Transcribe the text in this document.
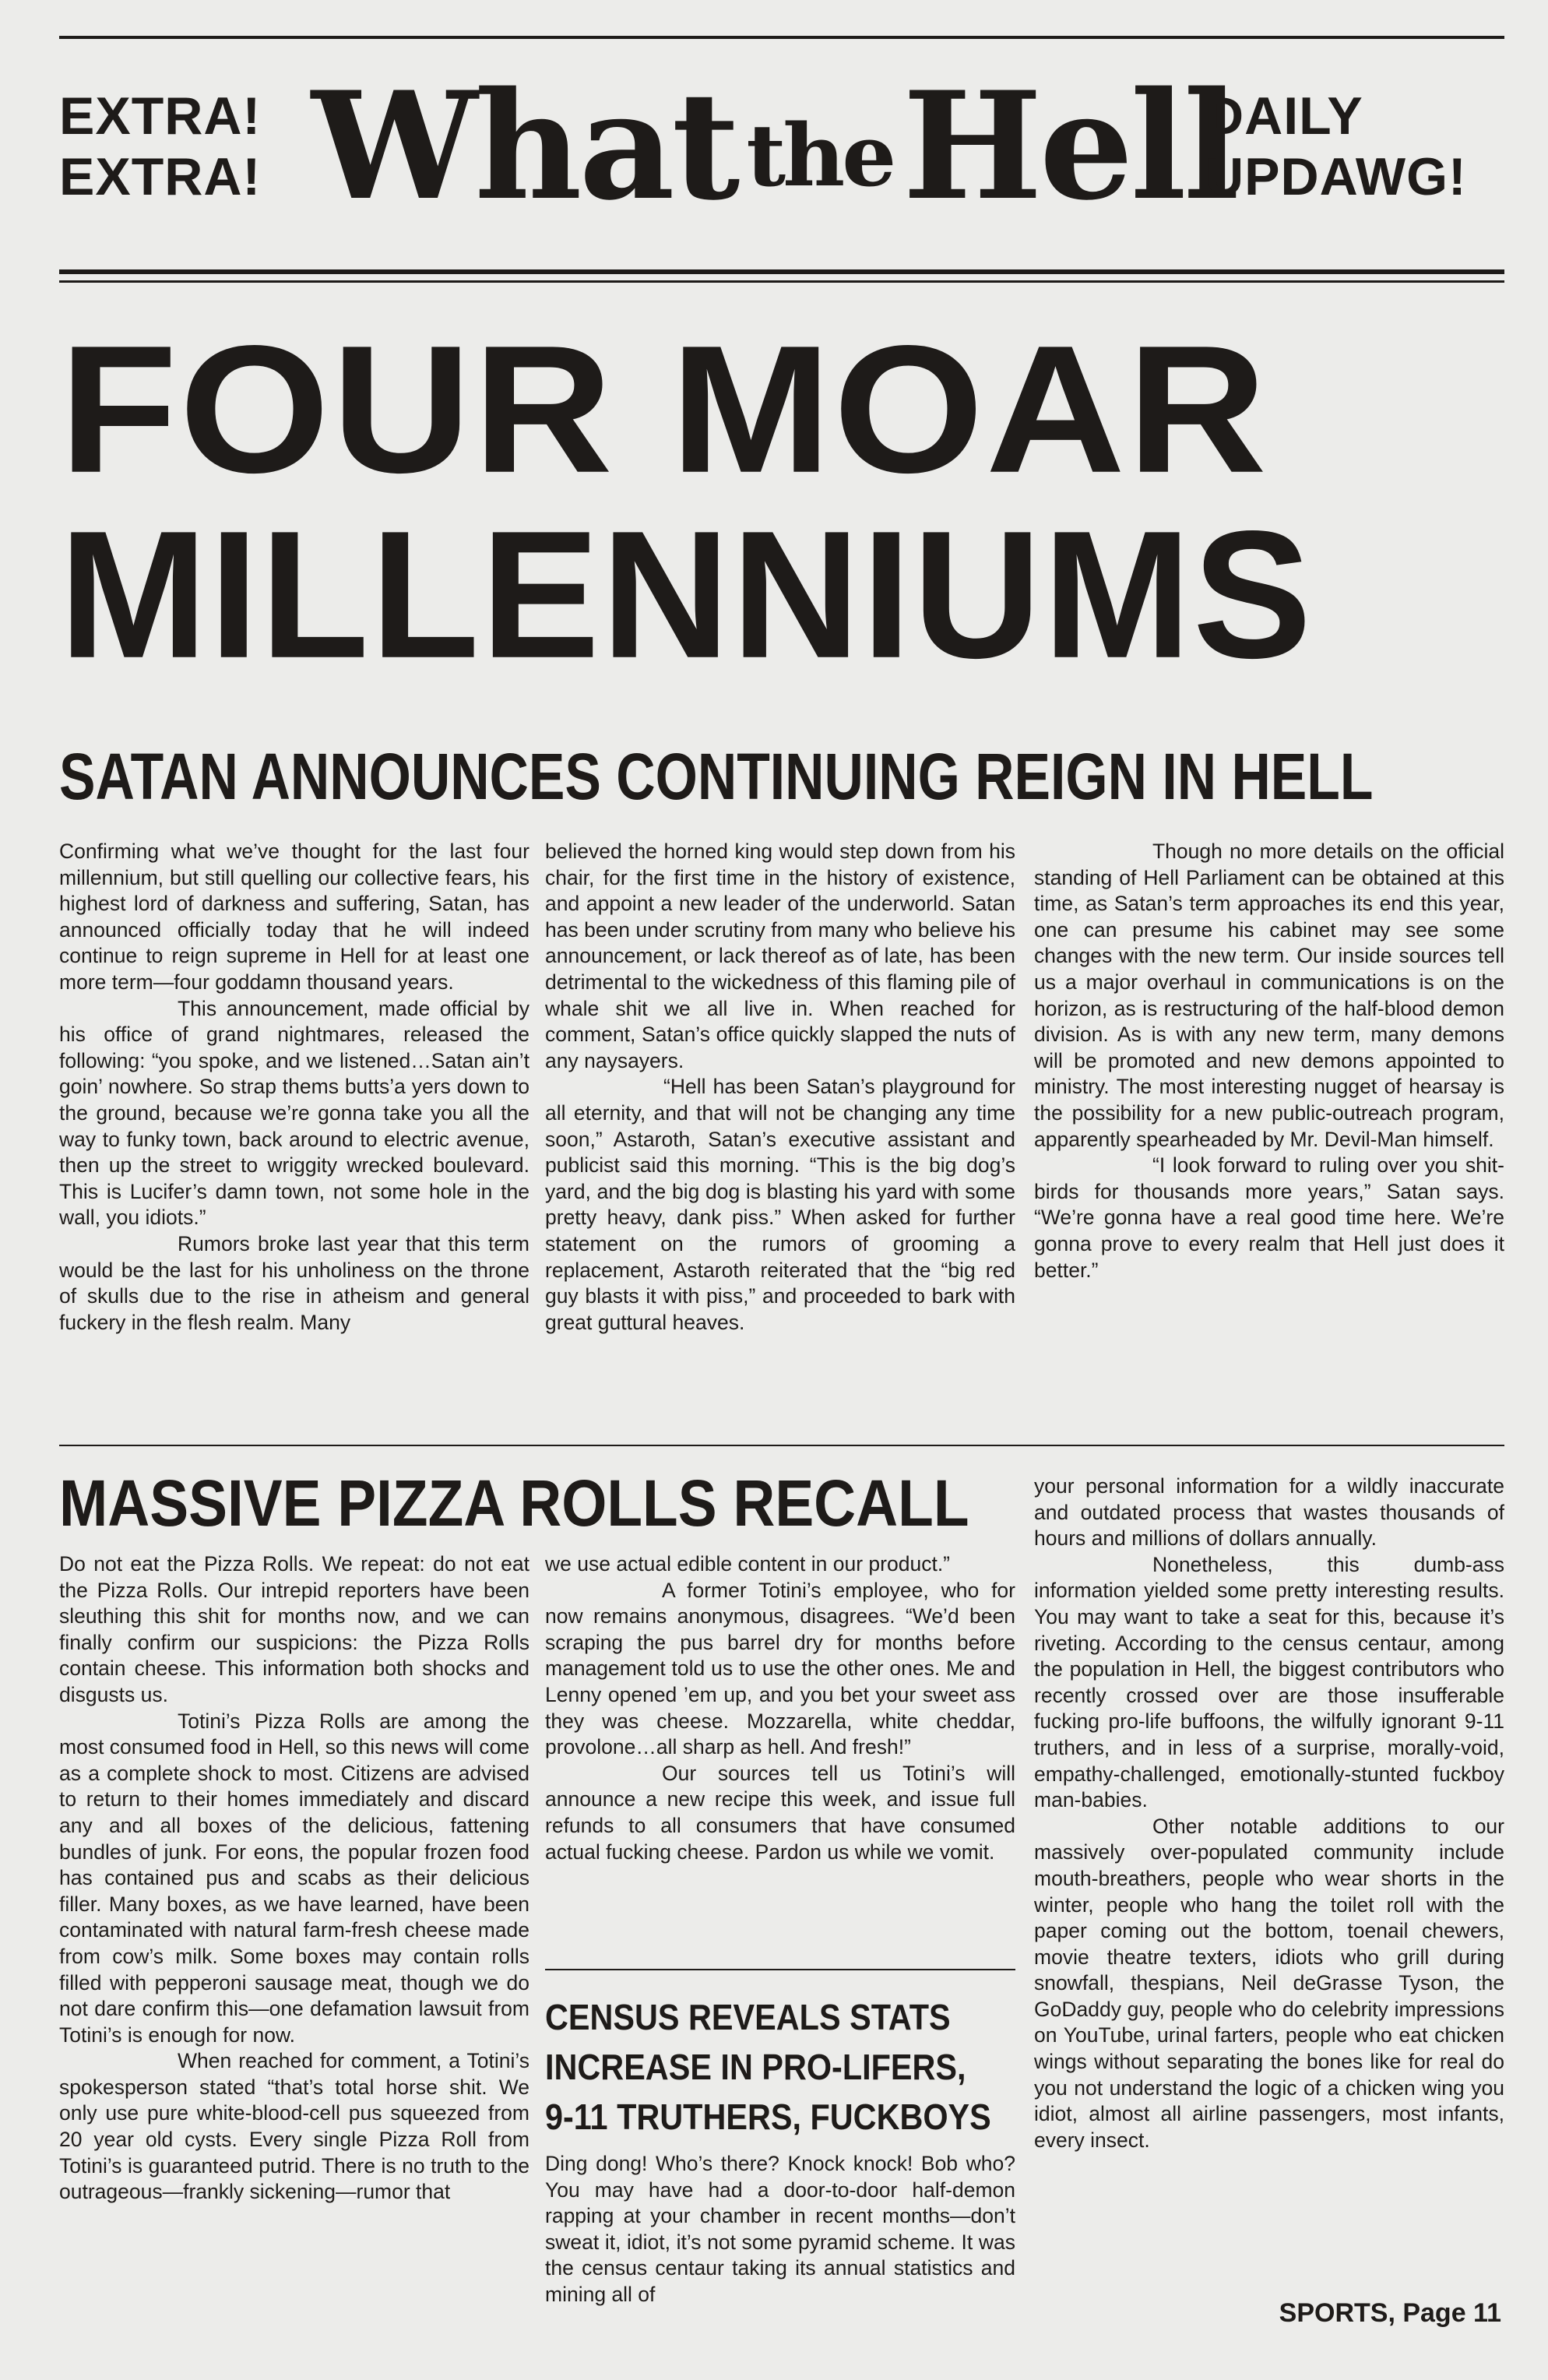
EXTRA!
EXTRA! What theHell
DAILY
UPDAWG!
FOUR MOAR
MILLENNIUMS
SATAN ANNOUNCES CONTINUING REIGN IN HELL

Confirming what we’ve thought for the last four millennium, but still quelling our collective fears, his highest lord of darkness and suffering, Satan, has announced officially today that he will indeed continue to reign supreme in Hell for at least one more term—four goddamn thousand years.

This announcement, made official by his office of grand nightmares, released the following: “you spoke, and we listened…Satan ain’t goin’ nowhere. So strap thems butts’a yers down to the ground, because we’re gonna take you all the way to funky town, back around to electric avenue, then up the street to wriggity wrecked boulevard. This is Lucifer’s damn town, not some hole in the wall, you idiots.”

Rumors broke last year that this term would be the last for his unholiness on the throne of skulls due to the rise in atheism and general fuckery in the flesh realm. Many

believed the horned king would step down from his chair, for the first time in the history of existence, and appoint a new leader of the underworld. Satan has been under scrutiny from many who believe his announcement, or lack thereof as of late, has been detrimental to the wickedness of this flaming pile of whale shit we all live in. When reached for comment, Satan’s office quickly slapped the nuts of any naysayers.

“Hell has been Satan’s playground for all eternity, and that will not be changing any time soon,” Astaroth, Satan’s executive assistant and publicist said this morning. “This is the big dog’s yard, and the big dog is blasting his yard with some pretty heavy, dank piss.” When asked for further statement on the rumors of grooming a replacement, Astaroth reiterated that the “big red guy blasts it with piss,” and proceeded to bark with great guttural heaves.

Though no more details on the official standing of Hell Parliament can be obtained at this time, as Satan’s term approaches its end this year, one can presume his cabinet may see some changes with the new term. Our inside sources tell us a major overhaul in communications is on the horizon, as is restructuring of the half-blood demon division. As is with any new term, many demons will be promoted and new demons appointed to ministry. The most interesting nugget of hearsay is the possibility for a new public-outreach program, apparently spearheaded by Mr. Devil-Man himself.

“I look forward to ruling over you shit-birds for thousands more years,” Satan says. “We’re gonna have a real good time here. We’re gonna prove to every realm that Hell just does it better.”

MASSIVE PIZZA ROLLS RECALL

Do not eat the Pizza Rolls. We repeat: do not eat the Pizza Rolls. Our intrepid reporters have been sleuthing this shit for months now, and we can finally confirm our suspicions: the Pizza Rolls contain cheese. This information both shocks and disgusts us.

Totini’s Pizza Rolls are among the most consumed food in Hell, so this news will come as a complete shock to most. Citizens are advised to return to their homes immediately and discard any and all boxes of the delicious, fattening bundles of junk. For eons, the popular frozen food has contained pus and scabs as their delicious filler. Many boxes, as we have learned, have been contaminated with natural farm-fresh cheese made from cow’s milk. Some boxes may contain rolls filled with pepperoni sausage meat, though we do not dare confirm this—one defamation lawsuit from Totini’s is enough for now.

When reached for comment, a Totini’s spokesperson stated “that’s total horse shit. We only use pure white-blood-cell pus squeezed from 20 year old cysts. Every single Pizza Roll from Totini’s is guaranteed putrid. There is no truth to the outrageous—frankly sickening—rumor that

we use actual edible content in our product.”

A former Totini’s employee, who for now remains anonymous, disagrees. “We’d been scraping the pus barrel dry for months before management told us to use the other ones. Me and Lenny opened ’em up, and you bet your sweet ass they was cheese. Mozzarella, white cheddar, provolone…all sharp as hell. And fresh!”

Our sources tell us Totini’s will announce a new recipe this week, and issue full refunds to all consumers that have consumed actual fucking cheese. Pardon us while we vomit.

CENSUS REVEALS STATS
INCREASE IN PRO-LIFERS,
9-11 TRUTHERS, FUCKBOYS

Ding dong! Who’s there? Knock knock! Bob who? You may have had a door-to-door half-demon rapping at your chamber in recent months—don’t sweat it, idiot, it’s not some pyramid scheme. It was the census centaur taking its annual statistics and mining all of

your personal information for a wildly inaccurate and outdated process that wastes thousands of hours and millions of dollars annually.

Nonetheless, this dumb-ass information yielded some pretty interesting results. You may want to take a seat for this, because it’s riveting. According to the census centaur, among the population in Hell, the biggest contributors who recently crossed over are those insufferable fucking pro-life buffoons, the wilfully ignorant 9-11 truthers, and in less of a surprise, morally-void, empathy-challenged, emotionally-stunted fuckboy man-babies.

Other notable additions to our massively over-populated community include mouth-breathers, people who wear shorts in the winter, people who hang the toilet roll with the paper coming out the bottom, toenail chewers, movie theatre texters, idiots who grill during snowfall, thespians, Neil deGrasse Tyson, the GoDaddy guy, people who do celebrity impressions on YouTube, urinal farters, people who eat chicken wings without separating the bones like for real do you not understand the logic of a chicken wing you idiot, almost all airline passengers, most infants, every insect.

SPORTS, Page 11
